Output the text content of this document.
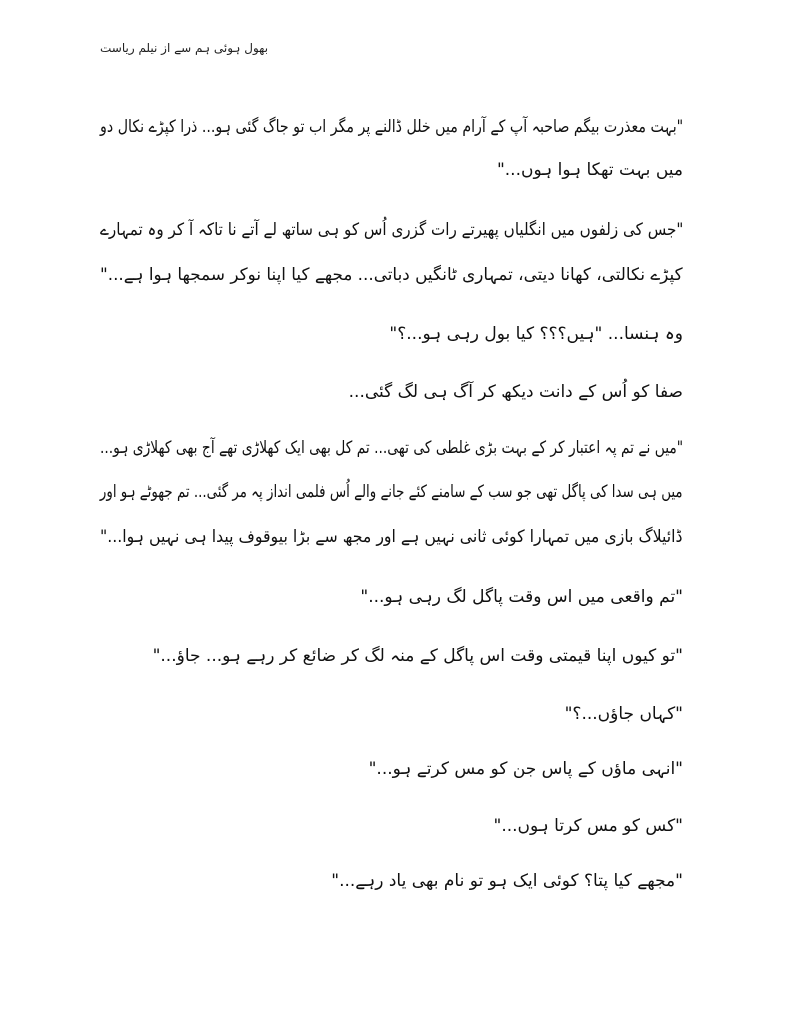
بھول ہوئی ہم سے از نیلم ریاست
"بہت معذرت بیگم صاحبہ آپ کے آرام میں خلل ڈالنے پر مگر اب تو جاگ گئی ہو... ذرا کپڑے نکال دو
میں بہت تھکا ہوا ہوں..."
"جس کی زلفوں میں انگلیاں پھیرتے رات گزری اُس کو ہی ساتھ لے آتے نا تاکہ آ کر وہ تمہارے
کپڑے نکالتی، کھانا دیتی، تمہاری ٹانگیں دباتی... مجھے کیا اپنا نوکر سمجھا ہوا ہے..."
وہ ہنسا... "ہیں؟؟؟ کیا بول رہی ہو...؟"
صفا کو اُس کے دانت دیکھ کر آگ ہی لگ گئی...
"میں نے تم پہ اعتبار کر کے بہت بڑی غلطی کی تھی... تم کل بھی ایک کھلاڑی تھے آج بھی کھلاڑی ہو...
میں ہی سدا کی پاگل تھی جو سب کے سامنے کئے جانے والے اُس فلمی انداز پہ مر گئی... تم جھوٹے ہو اور
ڈائیلاگ بازی میں تمہارا کوئی ثانی نہیں ہے اور مجھ سے بڑا بیوقوف پیدا ہی نہیں ہوا..."
"تم واقعی میں اس وقت پاگل لگ رہی ہو..."
"تو کیوں اپنا قیمتی وقت اس پاگل کے منہ لگ کر ضائع کر رہے ہو... جاؤ..."
"کہاں جاؤں...؟"
"انہی ماؤں کے پاس جن کو مس کرتے ہو..."
"کس کو مس کرتا ہوں..."
"مجھے کیا پتا؟ کوئی ایک ہو تو نام بھی یاد رہے..."
